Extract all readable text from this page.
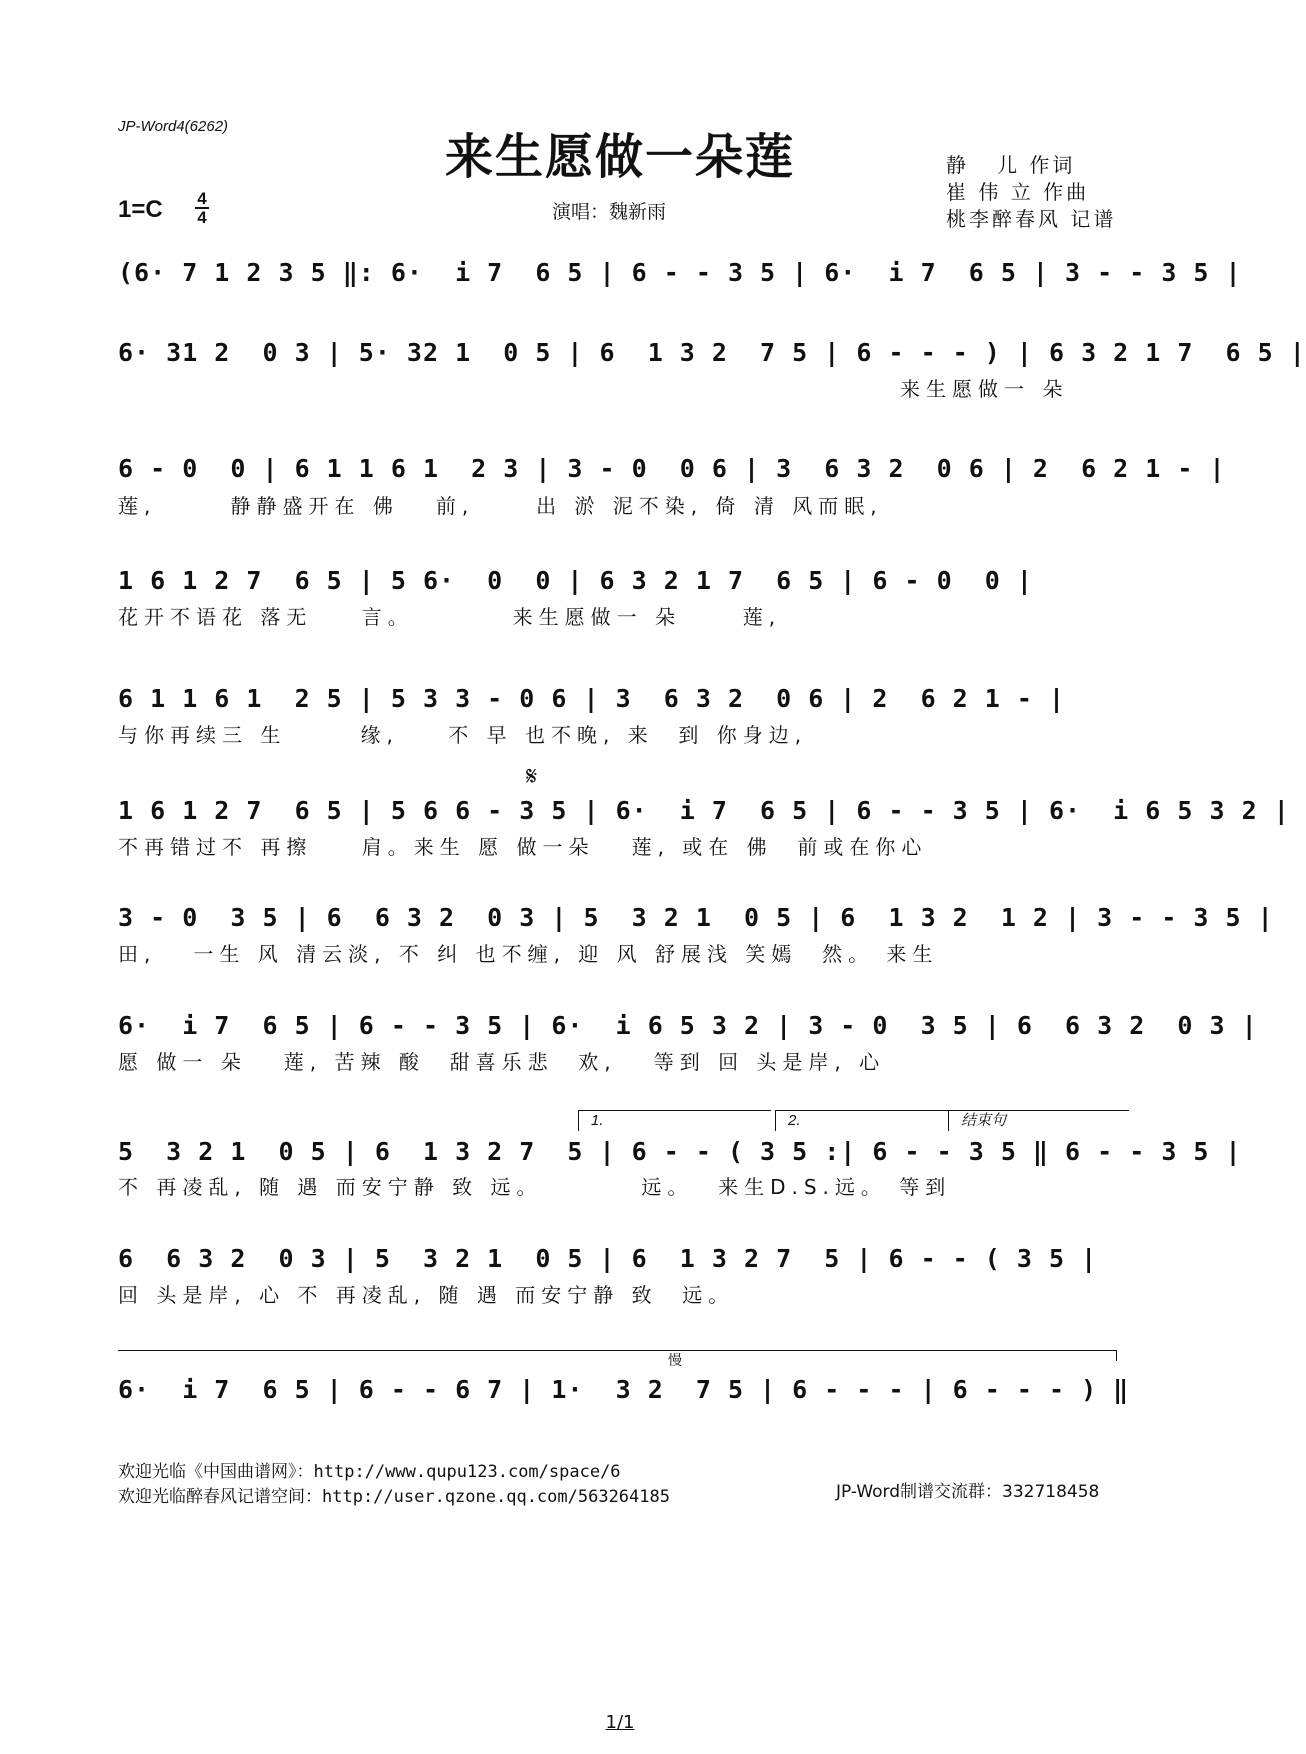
JP-Word4(6262)
来生愿做一朵莲
1=C	4
4	演唱：魏新雨
静   儿 作词
崔 伟 立 作曲
桃李醉春风 记谱
(6· 7 1 2 3 5 ‖: 6·  i 7  6 5 | 6 - - 3 5 | 6·  i 7  6 5 | 3 - - 3 5 |
6· 31 2  0 3 | 5· 32 1  0 5 | 6  1 3 2  7 5 | 6 - - - ) | 6 3 2 1 7  6 5 |
来生愿做一 朵
6 - 0  0 | 6 1 1 6 1  2 3 | 3 - 0  0 6 | 3  6 3 2  0 6 | 2  6 2 1 - |
莲,      静静盛开在 佛   前,     出 淤 泥不染, 倚 清 风而眠,
1 6 1 2 7  6 5 | 5 6·  0  0 | 6 3 2 1 7  6 5 | 6 - 0  0 |
花开不语花 落无    言。        来生愿做一 朵     莲,
6 1 1 6 1  2 5 | 5 3 3 - 0 6 | 3  6 3 2  0 6 | 2  6 2 1 - |
与你再续三 生      缘,    不 早 也不晚, 来  到 你身边,
1 6 1 2 7  6 5 | 5 6 6 - 3 5 | 6·  i 7  6 5 | 6 - - 3 5 | 6·  i 6 5 3 2 |
不再错过不 再擦    肩。来生 愿 做一朵   莲, 或在 佛  前或在你心
3 - 0  3 5 | 6  6 3 2  0 3 | 5  3 2 1  0 5 | 6  1 3 2  1 2 | 3 - - 3 5 |
田,   一生 风 清云淡, 不 纠 也不缠, 迎 风 舒展浅 笑嫣  然。 来生
6·  i 7  6 5 | 6 - - 3 5 | 6·  i 6 5 3 2 | 3 - 0  3 5 | 6  6 3 2  0 3 |
愿 做一 朵   莲, 苦辣 酸  甜喜乐悲  欢,   等到 回 头是岸, 心
5  3 2 1  0 5 | 6  1 3 2 7  5 | 6 - - ( 3 5 :| 6 - - 3 5 ‖ 6 - - 3 5 |
不 再凌乱, 随 遇 而安宁静 致 远。        远。  来生D.S.远。 等到
6  6 3 2  0 3 | 5  3 2 1  0 5 | 6  1 3 2 7  5 | 6 - - ( 3 5 |
回 头是岸, 心 不 再凌乱, 随 遇 而安宁静 致  远。
6·  i 7  6 5 | 6 - - 6 7 | 1·  3 2  7 5 | 6 - - - | 6 - - - ) ‖
𝄋
1.	2.	结束句
慢
欢迎光临《中国曲谱网》：http://www.qupu123.com/space/6
欢迎光临醉春风记谱空间：http://user.qzone.qq.com/563264185	JP-Word制谱交流群：332718458
1/1
